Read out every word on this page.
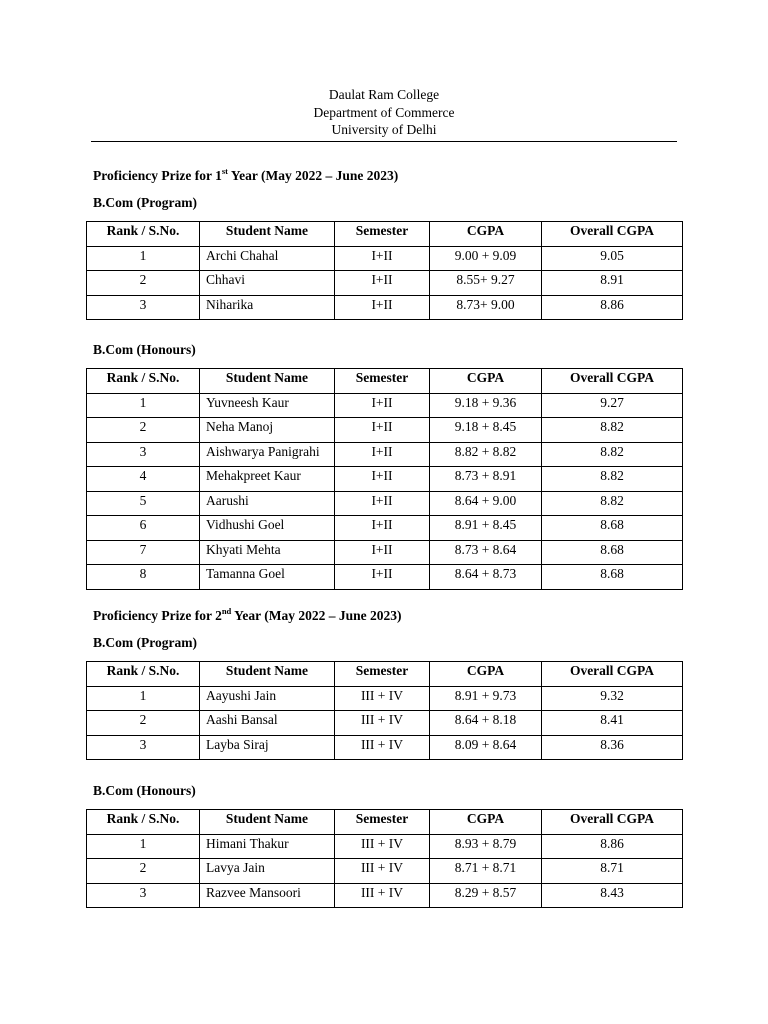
Daulat Ram College
Department of Commerce
University of Delhi
Proficiency Prize for 1st Year (May 2022 – June 2023)
B.Com (Program)
Rank / S.No.	Student Name	Semester	CGPA	Overall CGPA
1	Archi Chahal	I+II	9.00 + 9.09	9.05
2	Chhavi	I+II	8.55+ 9.27	8.91
3	Niharika	I+II	8.73+ 9.00	8.86
B.Com (Honours)
Rank / S.No.	Student Name	Semester	CGPA	Overall CGPA
1	Yuvneesh Kaur	I+II	9.18 + 9.36	9.27
2	Neha Manoj	I+II	9.18 + 8.45	8.82
3	Aishwarya Panigrahi	I+II	8.82 + 8.82	8.82
4	Mehakpreet Kaur	I+II	8.73 + 8.91	8.82
5	Aarushi	I+II	8.64 + 9.00	8.82
6	Vidhushi Goel	I+II	8.91 + 8.45	8.68
7	Khyati Mehta	I+II	8.73 + 8.64	8.68
8	Tamanna Goel	I+II	8.64 + 8.73	8.68
Proficiency Prize for 2nd Year (May 2022 – June 2023)
B.Com (Program)
Rank / S.No.	Student Name	Semester	CGPA	Overall CGPA
1	Aayushi Jain	III + IV	8.91 + 9.73	9.32
2	Aashi Bansal	III + IV	8.64 + 8.18	8.41
3	Layba Siraj	III + IV	8.09 + 8.64	8.36
B.Com (Honours)
Rank / S.No.	Student Name	Semester	CGPA	Overall CGPA
1	Himani Thakur	III + IV	8.93 + 8.79	8.86
2	Lavya Jain	III + IV	8.71 + 8.71	8.71
3	Razvee Mansoori	III + IV	8.29 + 8.57	8.43
